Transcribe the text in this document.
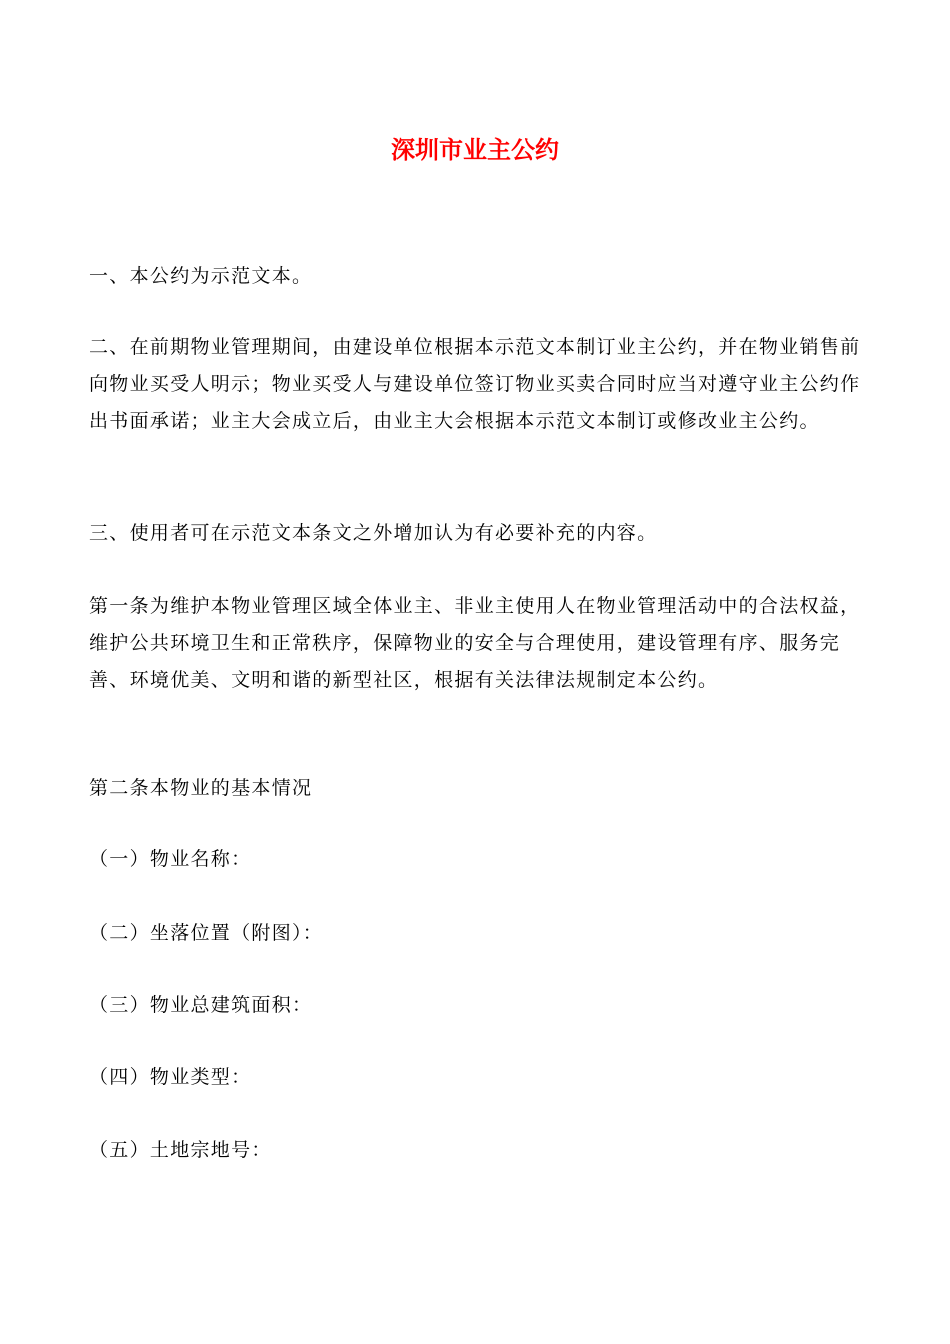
深圳市业主公约

一、本公约为示范文本。

二、在前期物业管理期间，由建设单位根据本示范文本制订业主公约，并在物业销售前向物业买受人明示；物业买受人与建设单位签订物业买卖合同时应当对遵守业主公约作出书面承诺；业主大会成立后，由业主大会根据本示范文本制订或修改业主公约。

三、使用者可在示范文本条文之外增加认为有必要补充的内容。

第一条为维护本物业管理区域全体业主、非业主使用人在物业管理活动中的合法权益，维护公共环境卫生和正常秩序，保障物业的安全与合理使用，建设管理有序、服务完善、环境优美、文明和谐的新型社区，根据有关法律法规制定本公约。

第二条本物业的基本情况

（一）物业名称：

（二）坐落位置（附图）：

（三）物业总建筑面积：

（四）物业类型：

（五）土地宗地号：
